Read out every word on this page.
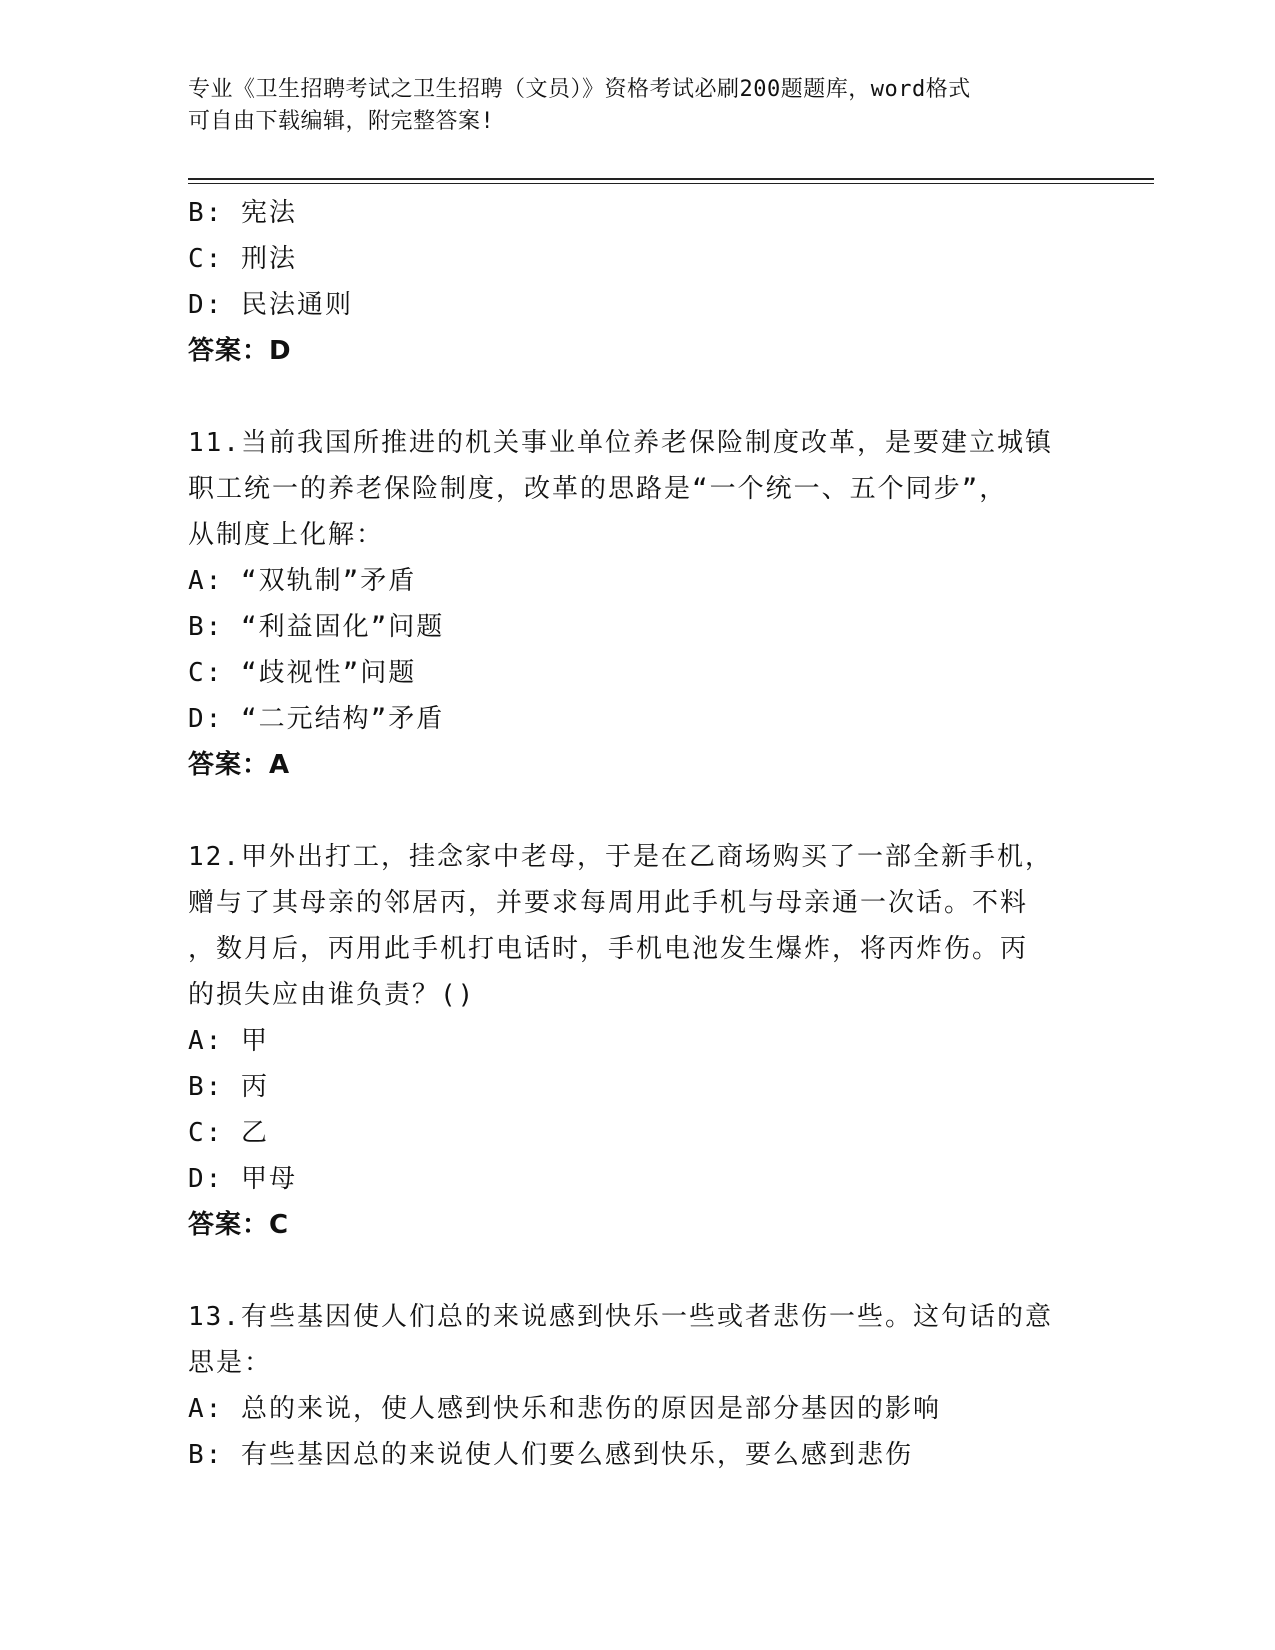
专业《卫生招聘考试之卫生招聘（文员）》资格考试必刷200题题库，word格式
可自由下载编辑，附完整答案!
B: 宪法
C: 刑法
D: 民法通则
答案：D
11.当前我国所推进的机关事业单位养老保险制度改革，是要建立城镇
职工统一的养老保险制度，改革的思路是“一个统一、五个同步”，
从制度上化解：
A: “双轨制”矛盾
B: “利益固化”问题
C: “歧视性”问题
D: “二元结构”矛盾
答案：A
12.甲外出打工，挂念家中老母，于是在乙商场购买了一部全新手机，
赠与了其母亲的邻居丙，并要求每周用此手机与母亲通一次话。不料
，数月后，丙用此手机打电话时，手机电池发生爆炸，将丙炸伤。丙
的损失应由谁负责？()
A: 甲
B: 丙
C: 乙
D: 甲母
答案：C
13.有些基因使人们总的来说感到快乐一些或者悲伤一些。这句话的意
思是：
A: 总的来说，使人感到快乐和悲伤的原因是部分基因的影响
B: 有些基因总的来说使人们要么感到快乐，要么感到悲伤
